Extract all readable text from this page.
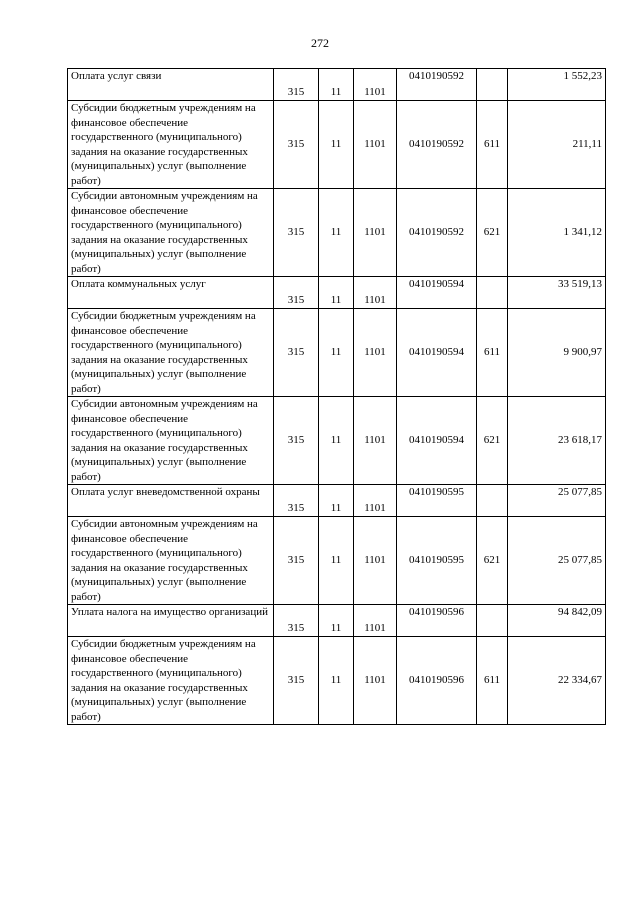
272
Оплата услуг связи	315	11	1101	0410190592		1 552,23
Субсидии бюджетным учреждениям на финансовое обеспечение государственного (муниципального) задания на оказание государственных (муниципальных) услуг (выполнение работ)	315	11	1101	0410190592	611	211,11
Субсидии автономным учреждениям на финансовое обеспечение государственного (муниципального) задания на оказание государственных (муниципальных) услуг (выполнение работ)	315	11	1101	0410190592	621	1 341,12
Оплата коммунальных услуг	315	11	1101	0410190594		33 519,13
Субсидии бюджетным учреждениям на финансовое обеспечение государственного (муниципального) задания на оказание государственных (муниципальных) услуг (выполнение работ)	315	11	1101	0410190594	611	9 900,97
Субсидии автономным учреждениям на финансовое обеспечение государственного (муниципального) задания на оказание государственных (муниципальных) услуг (выполнение работ)	315	11	1101	0410190594	621	23 618,17
Оплата услуг вневедомственной охраны	315	11	1101	0410190595		25 077,85
Субсидии автономным учреждениям на финансовое обеспечение государственного (муниципального) задания на оказание государственных (муниципальных) услуг (выполнение работ)	315	11	1101	0410190595	621	25 077,85
Уплата налога на имущество организаций	315	11	1101	0410190596		94 842,09
Субсидии бюджетным учреждениям на финансовое обеспечение государственного (муниципального) задания на оказание государственных (муниципальных) услуг (выполнение работ)	315	11	1101	0410190596	611	22 334,67
